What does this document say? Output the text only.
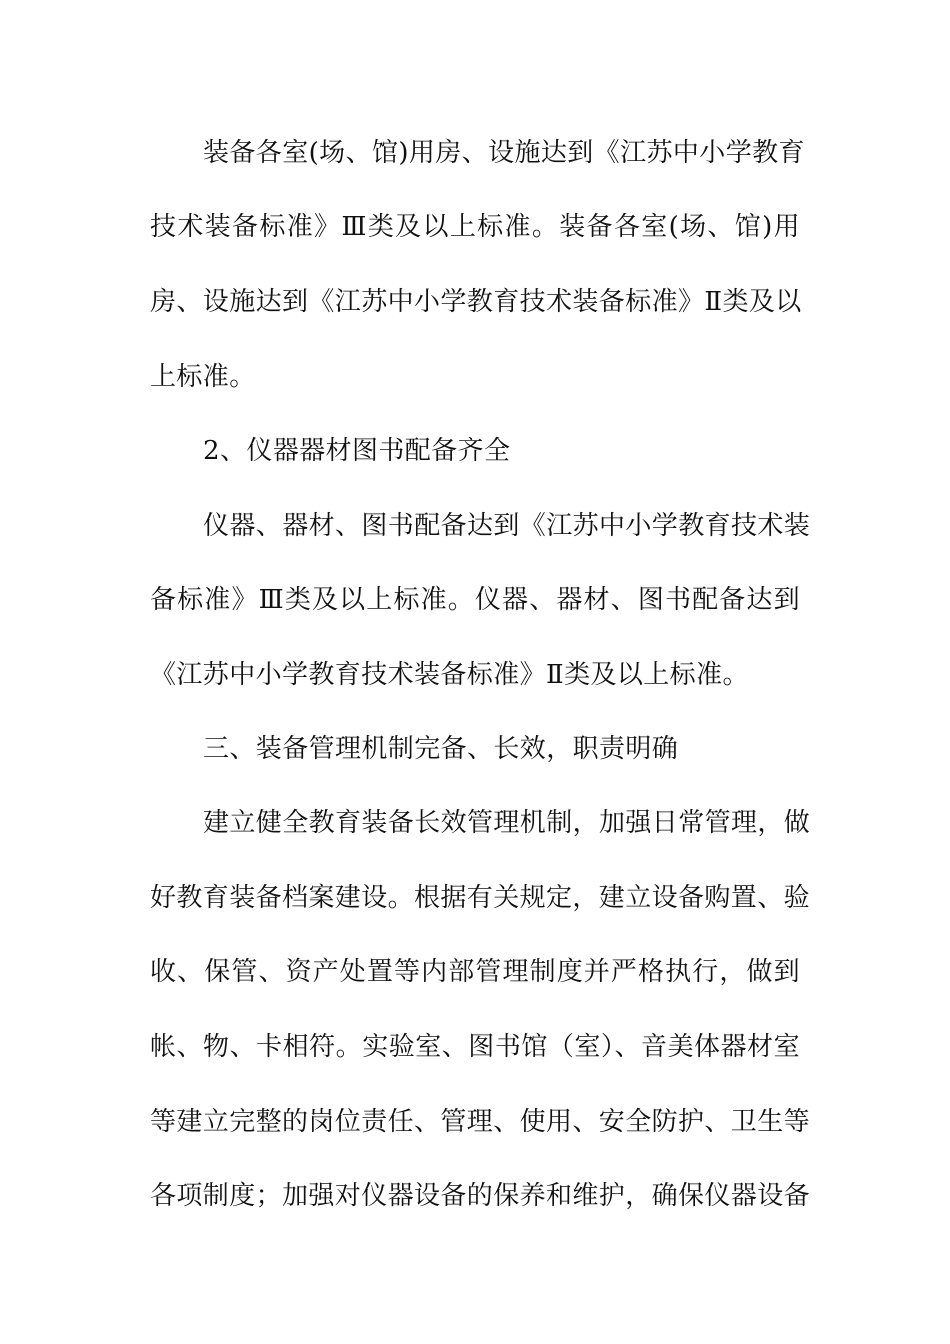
装备各室(场、馆)用房、设施达到《江苏中小学教育
技术装备标准》Ⅲ类及以上标准。装备各室(场、馆)用
房、设施达到《江苏中小学教育技术装备标准》Ⅱ类及以
上标准。
2、仪器器材图书配备齐全
仪器、器材、图书配备达到《江苏中小学教育技术装
备标准》Ⅲ类及以上标准。仪器、器材、图书配备达到
《江苏中小学教育技术装备标准》Ⅱ类及以上标准。
三、装备管理机制完备、长效，职责明确
建立健全教育装备长效管理机制，加强日常管理，做
好教育装备档案建设。根据有关规定，建立设备购置、验
收、保管、资产处置等内部管理制度并严格执行，做到
帐、物、卡相符。实验室、图书馆（室）、音美体器材室
等建立完整的岗位责任、管理、使用、安全防护、卫生等
各项制度；加强对仪器设备的保养和维护，确保仪器设备
